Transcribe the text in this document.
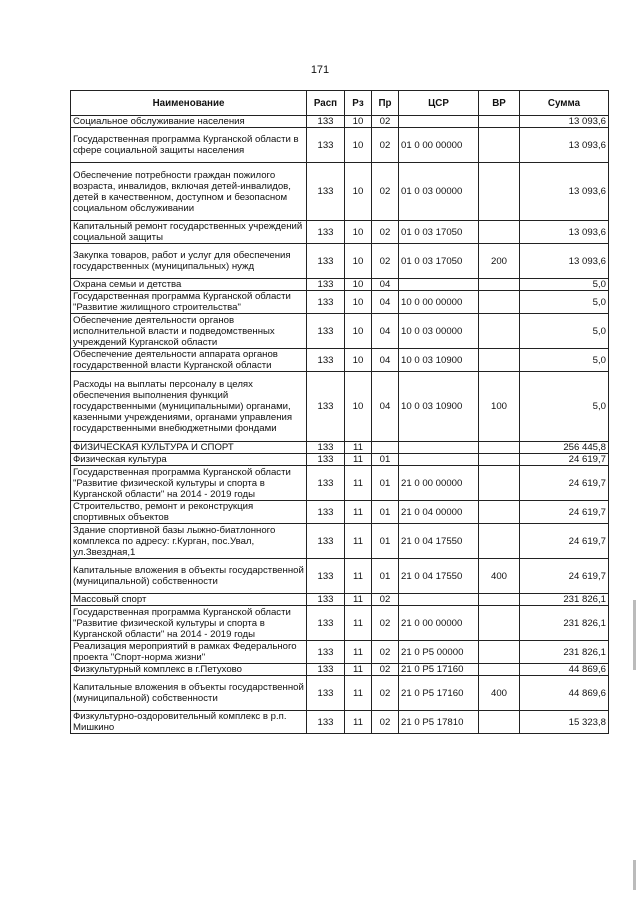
171
Наименование	Расп	Рз	Пр	ЦСР	ВР	Сумма
Социальное обслуживание населения	133	10	02			13 093,6
Государственная программа Курганской области в сфере социальной защиты населения	133	10	02	01 0 00 00000		13 093,6
Обеспечение потребности граждан пожилого возраста, инвалидов, включая детей-инвалидов, детей в качественном, доступном и безопасном социальном обслуживании	133	10	02	01 0 03 00000		13 093,6
Капитальный ремонт государственных учреждений социальной защиты	133	10	02	01 0 03 17050		13 093,6
Закупка товаров, работ и услуг для обеспечения государственных (муниципальных) нужд	133	10	02	01 0 03 17050	200	13 093,6
Охрана семьи и детства	133	10	04			5,0
Государственная программа Курганской области "Развитие жилищного строительства"	133	10	04	10 0 00 00000		5,0
Обеспечение деятельности органов исполнительной власти и подведомственных учреждений Курганской области	133	10	04	10 0 03 00000		5,0
Обеспечение деятельности аппарата органов государственной власти Курганской области	133	10	04	10 0 03 10900		5,0
Расходы на выплаты персоналу в целях обеспечения выполнения функций государственными (муниципальными) органами, казенными учреждениями, органами управления государственными внебюджетными фондами	133	10	04	10 0 03 10900	100	5,0
ФИЗИЧЕСКАЯ КУЛЬТУРА И СПОРТ	133	11				256 445,8
Физическая культура	133	11	01			24 619,7
Государственная программа Курганской области "Развитие физической культуры и спорта в Курганской области" на 2014 - 2019 годы	133	11	01	21 0 00 00000		24 619,7
Строительство, ремонт и реконструкция спортивных объектов	133	11	01	21 0 04 00000		24 619,7
Здание спортивной базы лыжно-биатлонного комплекса по адресу: г.Курган, пос.Увал, ул.Звездная,1	133	11	01	21 0 04 17550		24 619,7
Капитальные вложения в объекты государственной (муниципальной) собственности	133	11	01	21 0 04 17550	400	24 619,7
Массовый спорт	133	11	02			231 826,1
Государственная программа Курганской области "Развитие физической культуры и спорта в Курганской области" на 2014 - 2019 годы	133	11	02	21 0 00 00000		231 826,1
Реализация мероприятий в рамках Федерального проекта "Спорт-норма жизни"	133	11	02	21 0 P5 00000		231 826,1
Физкультурный комплекс в г.Петухово	133	11	02	21 0 P5 17160		44 869,6
Капитальные вложения в объекты государственной (муниципальной) собственности	133	11	02	21 0 P5 17160	400	44 869,6
Физкультурно-оздоровительный комплекс в р.п. Мишкино	133	11	02	21 0 P5 17810		15 323,8
